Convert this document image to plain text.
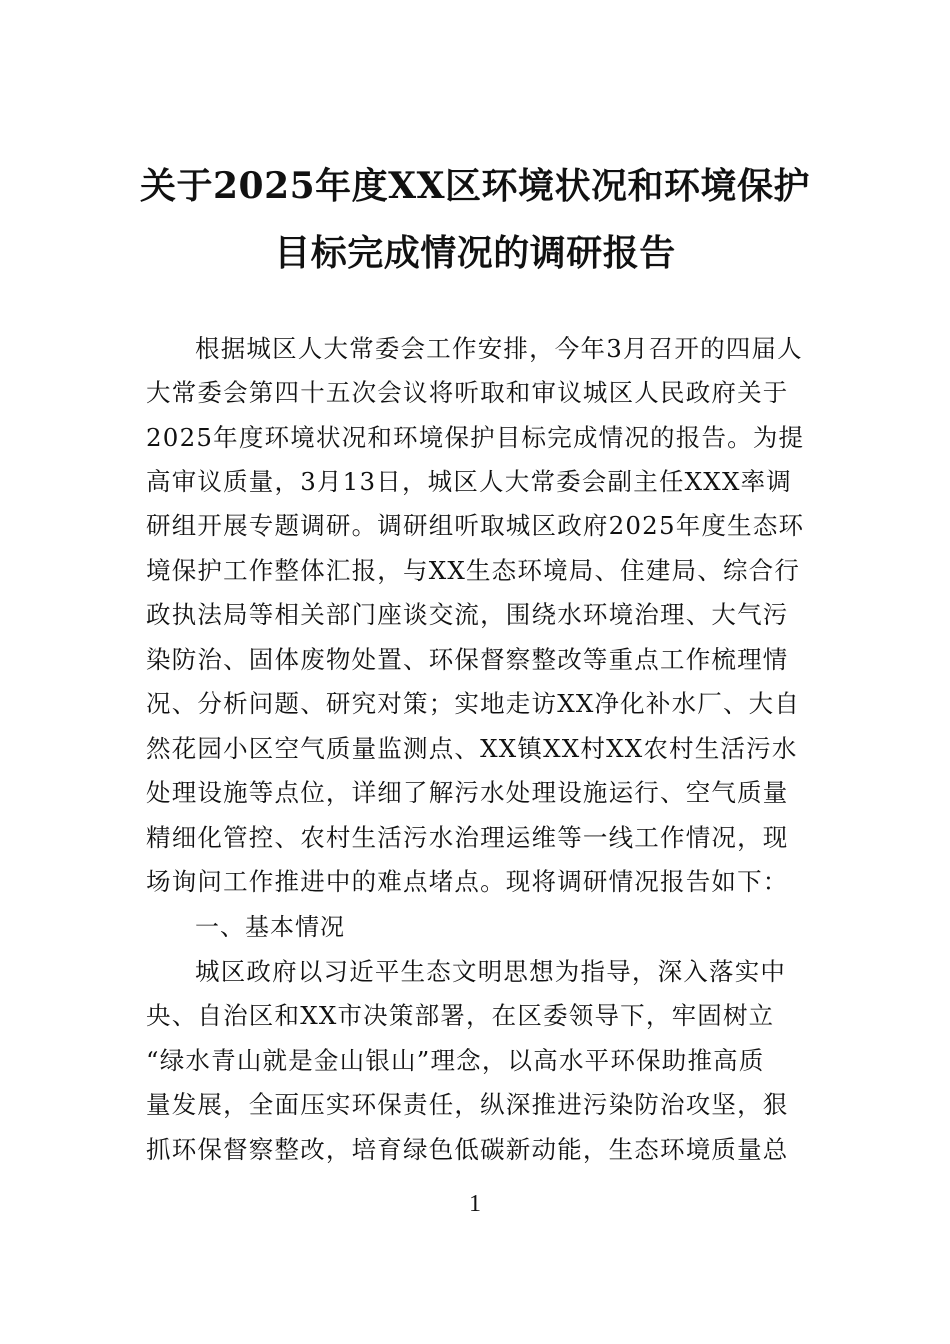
关于2025年度XX区环境状况和环境保护
目标完成情况的调研报告
根据城区人大常委会工作安排，今年3月召开的四届人
大常委会第四十五次会议将听取和审议城区人民政府关于
2025年度环境状况和环境保护目标完成情况的报告。为提
高审议质量，3月13日，城区人大常委会副主任XXX率调
研组开展专题调研。调研组听取城区政府2025年度生态环
境保护工作整体汇报，与XX生态环境局、住建局、综合行
政执法局等相关部门座谈交流，围绕水环境治理、大气污
染防治、固体废物处置、环保督察整改等重点工作梳理情
况、分析问题、研究对策；实地走访XX净化补水厂、大自
然花园小区空气质量监测点、XX镇XX村XX农村生活污水
处理设施等点位，详细了解污水处理设施运行、空气质量
精细化管控、农村生活污水治理运维等一线工作情况，现
场询问工作推进中的难点堵点。现将调研情况报告如下：
一、基本情况
城区政府以习近平生态文明思想为指导，深入落实中
央、自治区和XX市决策部署，在区委领导下，牢固树立
“绿水青山就是金山银山”理念，以高水平环保助推高质
量发展，全面压实环保责任，纵深推进污染防治攻坚，狠
抓环保督察整改，培育绿色低碳新动能，生态环境质量总
1
